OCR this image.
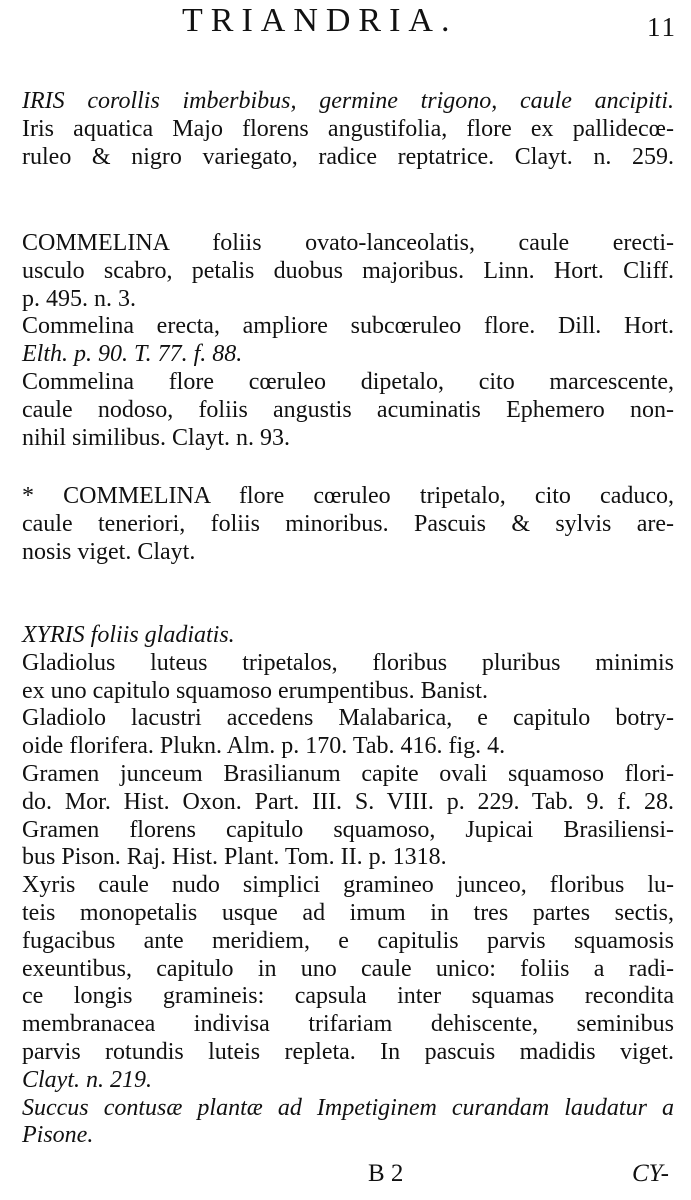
TRIANDRIA.	11
IRIS corollis imberbibus, germine trigono, caule ancipiti.
Iris aquatica Majo florens angustifolia, flore ex pallidecœ-
ruleo & nigro variegato, radice reptatrice. Clayt. n. 259.
COMMELINA foliis ovato-lanceolatis, caule erecti-
usculo scabro, petalis duobus majoribus. Linn. Hort. Cliff.
p. 495. n. 3.
Commelina erecta, ampliore subcœruleo flore. Dill. Hort.
Elth. p. 90. T. 77. f. 88.
Commelina flore cœruleo dipetalo, cito marcescente,
caule nodoso, foliis angustis acuminatis Ephemero non-
nihil similibus. Clayt. n. 93.
* COMMELINA flore cœruleo tripetalo, cito caduco,
caule teneriori, foliis minoribus. Pascuis & sylvis are-
nosis viget. Clayt.
XYRIS foliis gladiatis.
Gladiolus luteus tripetalos, floribus pluribus minimis
ex uno capitulo squamoso erumpentibus. Banist.
Gladiolo lacustri accedens Malabarica, e capitulo botry-
oide florifera. Plukn. Alm. p. 170. Tab. 416. fig. 4.
Gramen junceum Brasilianum capite ovali squamoso flori-
do. Mor. Hist. Oxon. Part. III. S. VIII. p. 229. Tab. 9. f. 28.
Gramen florens capitulo squamoso, Jupicai Brasiliensi-
bus Pison. Raj. Hist. Plant. Tom. II. p. 1318.
Xyris caule nudo simplici gramineo junceo, floribus lu-
teis monopetalis usque ad imum in tres partes sectis,
fugacibus ante meridiem, e capitulis parvis squamosis
exeuntibus, capitulo in uno caule unico: foliis a radi-
ce longis gramineis: capsula inter squamas recondita
membranacea indivisa trifariam dehiscente, seminibus
parvis rotundis luteis repleta. In pascuis madidis viget.
Clayt. n. 219.
Succus contusæ plantæ ad Impetiginem curandam laudatur a
Pisone.
B 2	CY-
